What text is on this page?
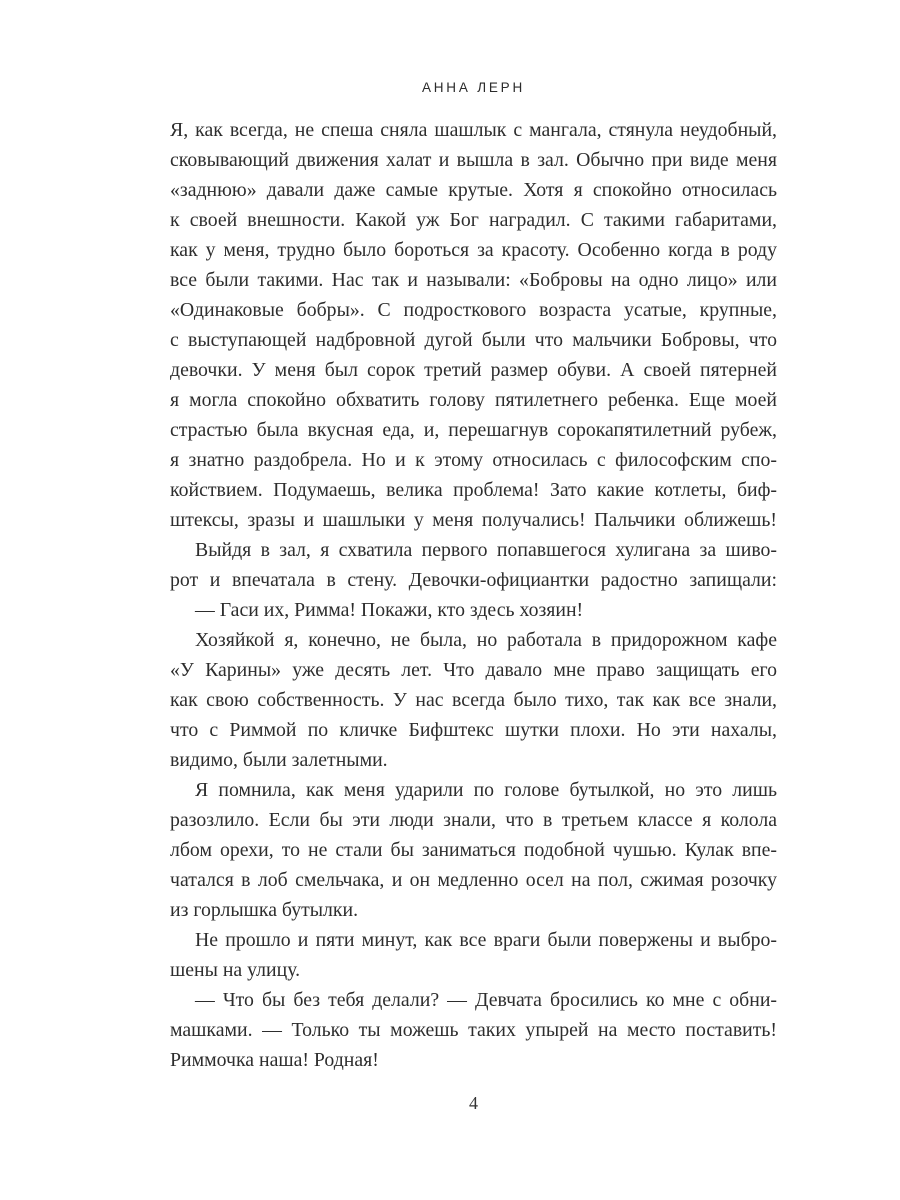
АННА ЛЕРН
Я, как всегда, не спеша сняла шашлык с мангала, стянула неудобный,
сковывающий движения халат и вышла в зал. Обычно при виде меня
«заднюю» давали даже самые крутые. Хотя я спокойно относилась
к своей внешности. Какой уж Бог наградил. С такими габаритами,
как у меня, трудно было бороться за красоту. Особенно когда в роду
все были такими. Нас так и называли: «Бобровы на одно лицо» или
«Одинаковые бобры». С подросткового возраста усатые, крупные,
с выступающей надбровной дугой были что мальчики Бобровы, что
девочки. У меня был сорок третий размер обуви. А своей пятерней
я могла спокойно обхватить голову пятилетнего ребенка. Еще моей
страстью была вкусная еда, и, перешагнув сорокапятилетний рубеж,
я знатно раздобрела. Но и к этому относилась с философским спо-
койствием. Подумаешь, велика проблема! Зато какие котлеты, биф-
штексы, зразы и шашлыки у меня получались! Пальчики оближешь!
Выйдя в зал, я схватила первого попавшегося хулигана за шиво-
рот и впечатала в стену. Девочки-официантки радостно запищали:
— Гаси их, Римма! Покажи, кто здесь хозяин!
Хозяйкой я, конечно, не была, но работала в придорожном кафе
«У Карины» уже десять лет. Что давало мне право защищать его
как свою собственность. У нас всегда было тихо, так как все знали,
что с Риммой по кличке Бифштекс шутки плохи. Но эти нахалы,
видимо, были залетными.
Я помнила, как меня ударили по голове бутылкой, но это лишь
разозлило. Если бы эти люди знали, что в третьем классе я колола
лбом орехи, то не стали бы заниматься подобной чушью. Кулак впе-
чатался в лоб смельчака, и он медленно осел на пол, сжимая розочку
из горлышка бутылки.
Не прошло и пяти минут, как все враги были повержены и выбро-
шены на улицу.
— Что бы без тебя делали? — Девчата бросились ко мне с обни-
машками. — Только ты можешь таких упырей на место поставить!
Риммочка наша! Родная!
4
